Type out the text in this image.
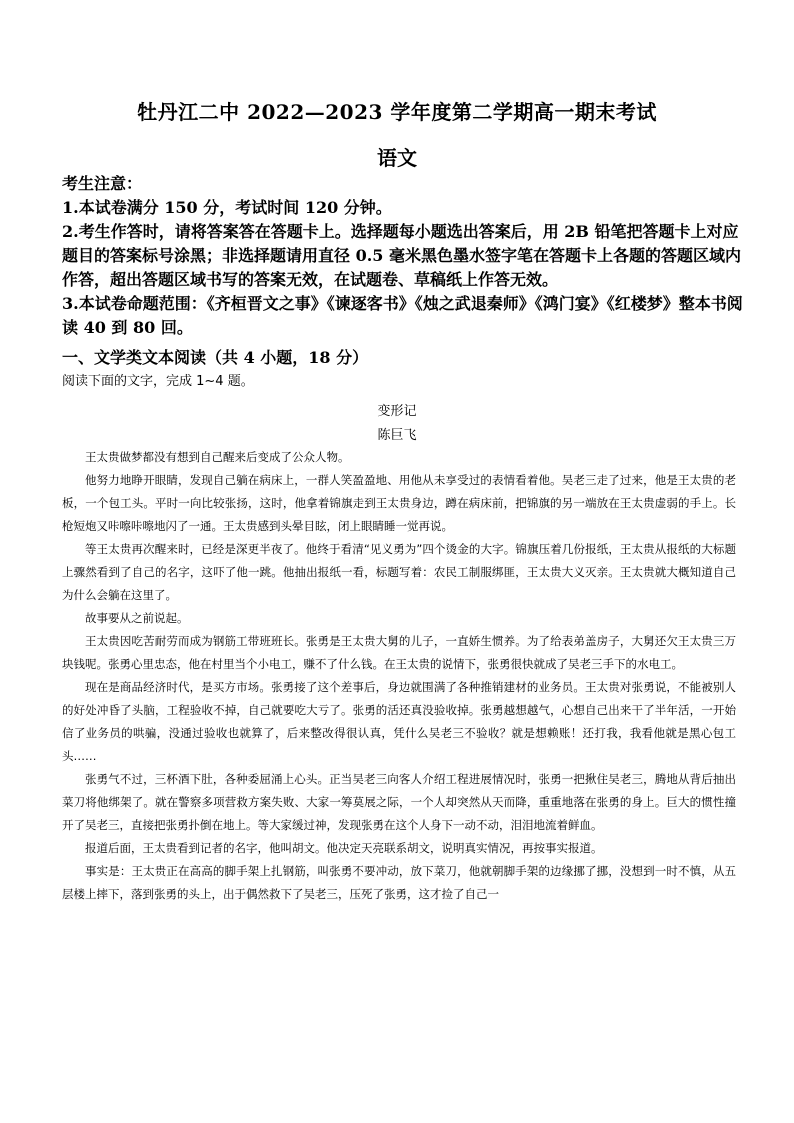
牡丹江二中 2022—2023 学年度第二学期高一期末考试
语文

考生注意：

1.本试卷满分 150 分，考试时间 120 分钟。

2.考生作答时，请将答案答在答题卡上。选择题每小题选出答案后，用 2B 铅笔把答题卡上对应题目的答案标号涂黑；非选择题请用直径 0.5 毫米黑色墨水签字笔在答题卡上各题的答题区域内作答，超出答题区域书写的答案无效，在试题卷、草稿纸上作答无效。

3.本试卷命题范围：《齐桓晋文之事》《谏逐客书》《烛之武退秦师》《鸿门宴》《红楼梦》整本书阅读 40 到 80 回。

一、文学类文本阅读（共 4 小题，18 分）
阅读下面的文字，完成 1~4 题。
变形记
陈巨飞

王太贵做梦都没有想到自己醒来后变成了公众人物。

他努力地睁开眼睛，发现自己躺在病床上，一群人笑盈盈地、用他从未享受过的表情看着他。吴老三走了过来，他是王太贵的老板，一个包工头。平时一向比较张扬，这时，他拿着锦旗走到王太贵身边，蹲在病床前，把锦旗的另一端放在王太贵虚弱的手上。长枪短炮又咔嚓咔嚓地闪了一通。王太贵感到头晕目眩，闭上眼睛睡一觉再说。

等王太贵再次醒来时，已经是深更半夜了。他终于看清“见义勇为”四个烫金的大字。锦旗压着几份报纸，王太贵从报纸的大标题上骤然看到了自己的名字，这吓了他一跳。他抽出报纸一看，标题写着：农民工制服绑匪，王太贵大义灭亲。王太贵就大概知道自己为什么会躺在这里了。

故事要从之前说起。

王太贵因吃苦耐劳而成为钢筋工带班班长。张勇是王太贵大舅的儿子，一直娇生惯养。为了给表弟盖房子，大舅还欠王太贵三万块钱呢。张勇心里忠态，他在村里当个小电工，赚不了什么钱。在王太贵的说情下，张勇很快就成了吴老三手下的水电工。

现在是商品经济时代，是买方市场。张勇接了这个差事后，身边就围满了各种推销建材的业务员。王太贵对张勇说，不能被别人的好处冲昏了头脑，工程验收不掉，自己就要吃大亏了。张勇的活还真没验收掉。张勇越想越气，心想自己出来干了半年活，一开始信了业务员的哄骗，没通过验收也就算了，后来整改得很认真，凭什么吴老三不验收？就是想赖账！还打我，我看他就是黑心包工头……

张勇气不过，三杯酒下肚，各种委屈涌上心头。正当吴老三向客人介绍工程进展情况时，张勇一把揪住吴老三，腾地从背后抽出菜刀将他绑架了。就在警察多项营救方案失败、大家一筹莫展之际，一个人却突然从天而降，重重地落在张勇的身上。巨大的惯性撞开了吴老三，直接把张勇扑倒在地上。等大家缓过神，发现张勇在这个人身下一动不动，泪泪地流着鲜血。

报道后面，王太贵看到记者的名字，他叫胡文。他决定天亮联系胡文，说明真实情况，再按事实报道。

事实是：王太贵正在高高的脚手架上扎钢筋，叫张勇不要冲动，放下菜刀，他就朝脚手架的边缘挪了挪，没想到一时不慎，从五层楼上摔下，落到张勇的头上，出于偶然救下了吴老三，压死了张勇，这才捡了自己一
